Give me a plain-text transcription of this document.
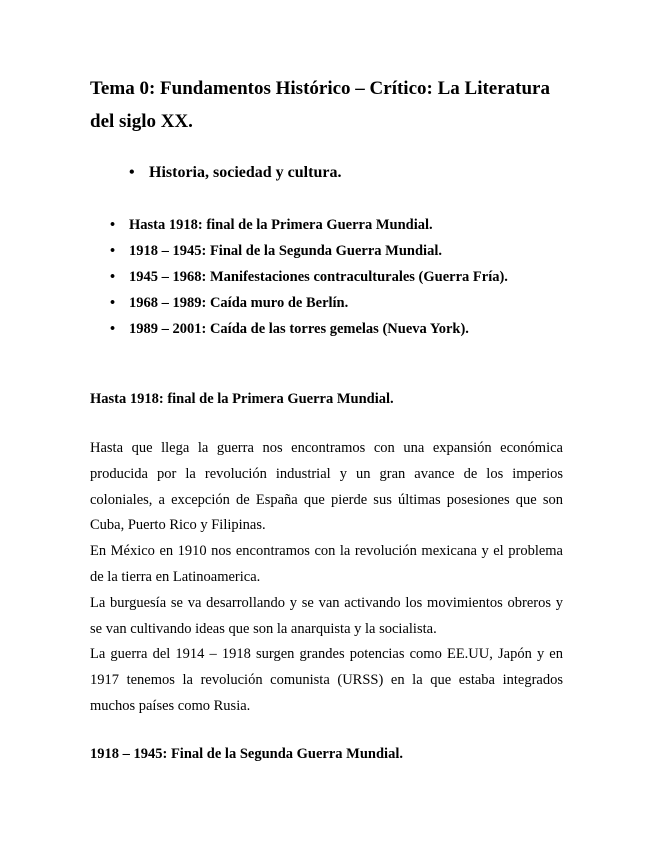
Tema 0: Fundamentos Histórico – Crítico: La Literatura del siglo XX.
• Historia, sociedad y cultura.
• Hasta 1918: final de la Primera Guerra Mundial.
• 1918 – 1945: Final de la Segunda Guerra Mundial.
• 1945 – 1968: Manifestaciones contraculturales (Guerra Fría).
• 1968 – 1989: Caída muro de Berlín.
• 1989 – 2001: Caída de las torres gemelas (Nueva York).
Hasta 1918: final de la Primera Guerra Mundial.

Hasta que llega la guerra nos encontramos con una expansión económica producida por la revolución industrial y un gran avance de los imperios coloniales, a excepción de España que pierde sus últimas posesiones que son Cuba, Puerto Rico y Filipinas.

En México en 1910 nos encontramos con la revolución mexicana y el problema de la tierra en Latinoamerica.

La burguesía se va desarrollando y se van activando los movimientos obreros y se van cultivando ideas que son la anarquista y la socialista.

La guerra del 1914 – 1918 surgen grandes potencias como EE.UU, Japón y en 1917 tenemos la revolución comunista (URSS) en la que estaba integrados muchos países como Rusia.

1918 – 1945: Final de la Segunda Guerra Mundial.
